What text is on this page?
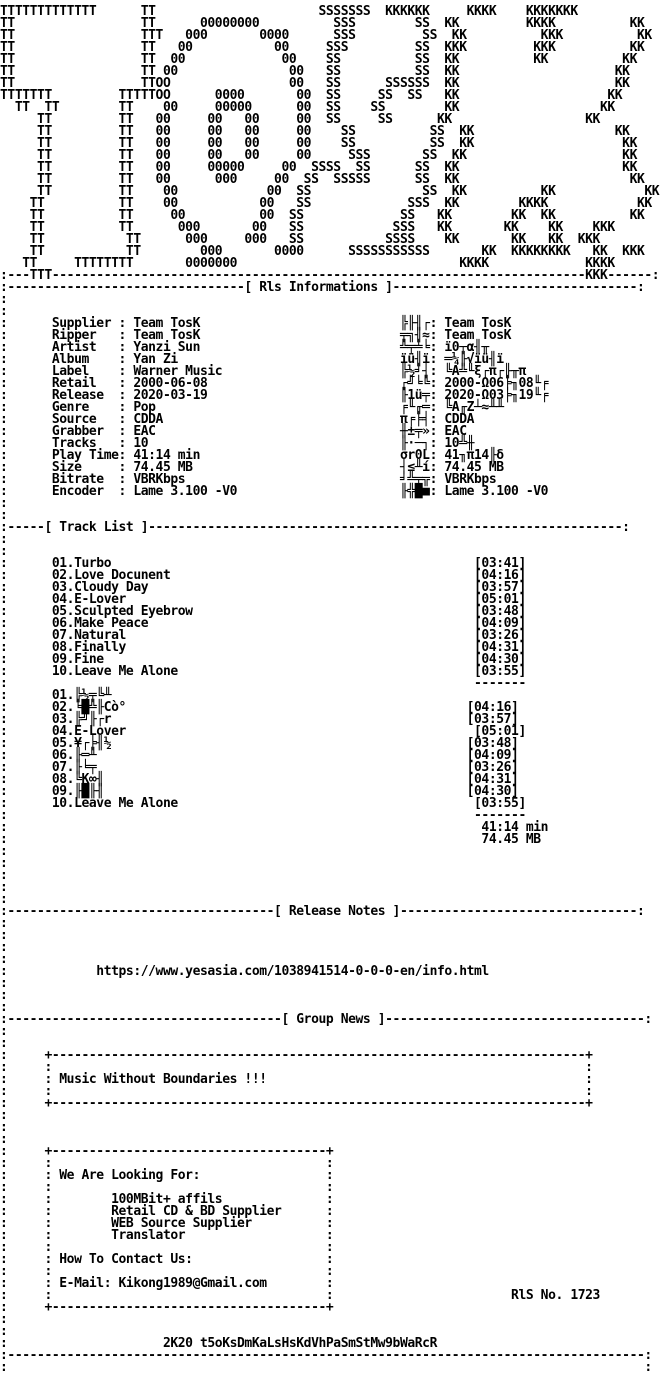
TTTTTTTTTTTTT      TT                      SSSSSSS  KKKKKK     KKKK    KKKKKKK
TT                 TT      00000000          SSS        SS  KK         KKKK          KK
TT                 TTT   000       0000      SSS         SS  KK          KKK          KK
TT                 TT   00           00     SSS         SS  KKK         KKK          KK
TT                 TT  00             00    SS          SS  KK          KK          KK
TT                 TT 00               00   SS          SS  KK                     KK
TT                 TTOO                00   SS      SSSSSS  KK                     KK
TTTTTTT         TTTTTOO      0000       00  SS     SS  SS   KK                    KK
TT  TT        TT    00     00000      00  SS    SS        KK                   KK
TT         TT   00     00   00     00  SS     SS      KK                  KK
TT         TT   00     00   00     00    SS          SS  KK                   KK
TT         TT   00     00   00     00    SS          SS  KK                    KK
TT         TT   00     00   00     00     SSS       SS  KK                     KK
TT         TT   00     00000     00  SSSS  SS      SS  KK                      KK
TT         TT   00      000     00  SS  SSSSS      SS  KK                       KK
TT         TT    00            00  SS               SS  KK          KK            KK
TT          TT    00           00   SS             SSS  KK        KKKK            KK
TT          TT     00          00  SS             SS   KK        KK  KK          KK
TT          TT      000       00   SS            SSS   KK       KK    KK    KKK
TT           TT      000     000   SS           SSSS    KK       KK   KK  KKK
TT           TT        000       0000      SSSSSSSSSSS       KK  KKKKKKKK   KK  KKK
TT     TTTTTTTT       0000000                              KKKK             KKKK
:---TTT------------------------------------------------------------------------KKK------:
:--------------------------------[ Rls Informations ]---------------------------------:
:
:
:      Supplier : Team TosK                           ╠╟╢┌: Team TosK
:      Ripper   : Team TosK                           ╤╗╢≈: Team TosK
:      Artist   : Yanzi Sun                           ╩╤╧╘: ï0┬α╢╥
:      Album    : Yan Zi                              ïü╢ï: ═¼╟√ïü╢ï
:      Label    : Warner Music                        ╠½╛┤: ╚A╩╙ξ┌π┌╟╥π
:      Retail   : 2000-06-08                          ┌╝╘╚: 2000-Ω06╞╖08╙╒
:      Release  : 2020-03-19                          ╟1ü╤: 2020-Ω03╞╖19╙╒
:      Genre    : Pop                                 ╒╙╓═: ╚A╓Z┴≈╨╨
:      Source   : CDDA                                π╒╞╡: CDDA
:      Grabber  : EAC                                 ╫±╤»: EAC
:      Tracks   : 10                                  ╟·─┐: 10╩╫
:      Play Time: 41:14 min                           σr0L: 41╖π14╟δ
:      Size     : 74.45 MB                            ┤≤╨í: 74.45 MB
:      Bitrate  : VBRKbps                             ╛╩╤╦: VBRKbps
:      Encoder  : Lame 3.100 -V0                      ╟╬█■: Lame 3.100 -V0
:
:
:-----[ Track List ]----------------------------------------------------------------:
:
:
:      01.Turbo                                                 [03:41]
:      02.Love Docunent                                         [04:16]
:      03.Cloudy Day                                            [03:57]
:      04.E-Lover                                               [05:01]
:      05.Sculpted Eyebrow                                      [03:48]
:      06.Make Peace                                            [04:09]
:      07.Natural                                               [03:26]
:      08.Finally                                               [04:31]
:      09.Fine                                                  [04:30]
:      10.Leave Me Alone                                        [03:55]
:                                                               -------
:      01.╠½╤╚╨
:      02.╘█╩╟Cò°                                              [04:16]
:      03.╠╝╟┌r                                                [03:57]
:      04.E-Lover                                               [05:01]
:      05.¥┌╞╢½                                                [03:48]
:      06.╟═╨                                                  [04:09]
:      07.╟╘╤                                                  [03:26]
:      08.╚K∞╢                                                 [04:31]
:      09.╟█╟╢                                                 [04:30]
:      10.Leave Me Alone                                        [03:55]
:                                                               -------
:                                                                41:14 min
:                                                                74.45 MB
:
:
:
:
:
:------------------------------------[ Release Notes ]--------------------------------:
:
:
:
:
:            https://www.yesasia.com/1038941514-0-0-0-en/info.html
:
:
:
:-------------------------------------[ Group News ]-----------------------------------:
:
:
:     +------------------------------------------------------------------------+
:     :                                                                        :
:     : Music Without Boundaries !!!                                           :
:     :                                                                        :
:     +------------------------------------------------------------------------+
:
:
:
:     +-------------------------------------+
:     :                                     :
:     : We Are Looking For:                 :
:     :                                     :
:     :        100MBit+ affils              :
:     :        Retail CD & BD Supplier      :
:     :        WEB Source Supplier          :
:     :        Translator                   :
:     :                                     :
:     : How To Contact Us:                  :
:     :                                     :
:     : E-Mail: Kikong1989@Gmail.com        :
:     :                                     :                        RlS No. 1723
:     +-------------------------------------+
:
:
:                     2K20 t5oKsDmKaLsHsKdVhPaSmStMw9bWaRcR
:--------------------------------------------------------------------------------------:
:                                                                                      :
